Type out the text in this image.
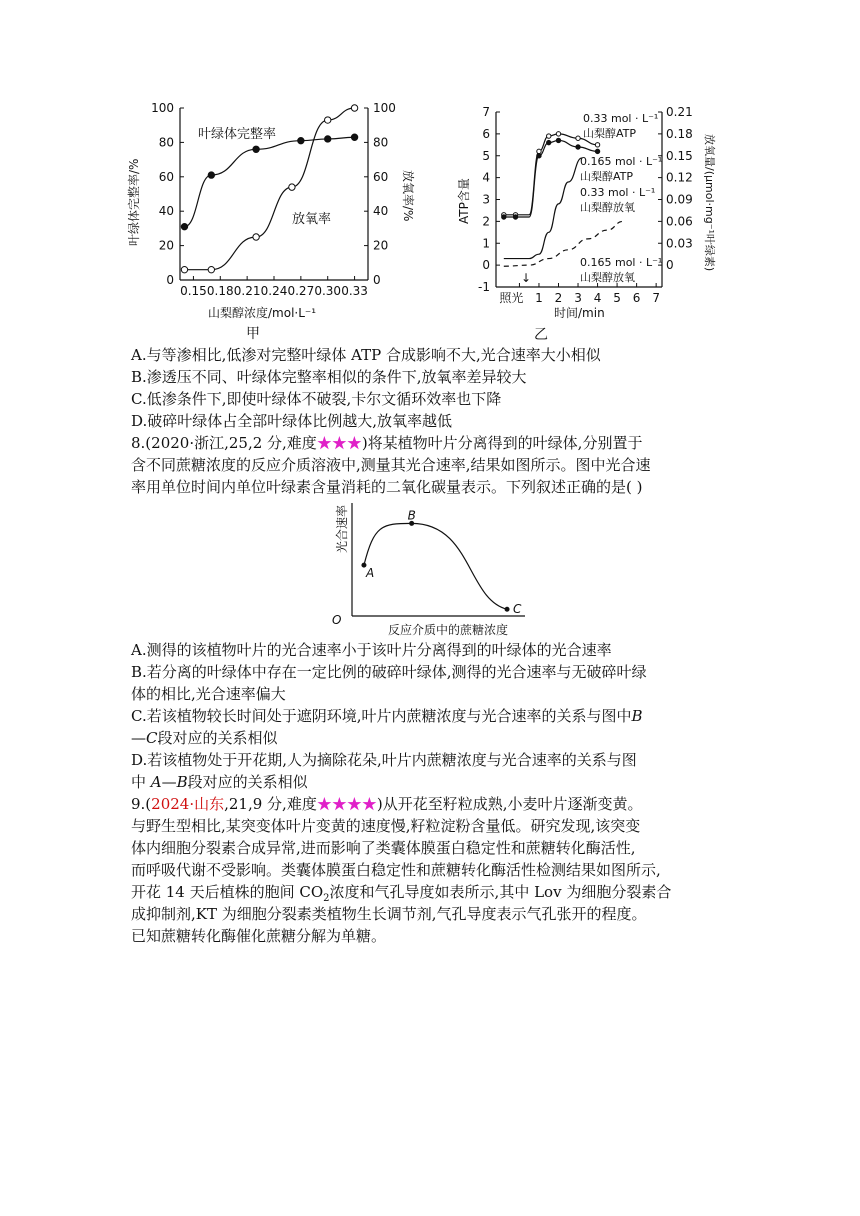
0.15 0.18 0.21 0.24 0.27 0.30 0.33
0
20
40
60
80
100
0
20
40
60
80
100
叶绿体完整率
放氧率
山梨醇浓度/mol·L⁻¹
叶绿体完整率/%	放氧率/%
甲
照光 1 2 3 4 5 6 7
-1
0
1
2
3
4
5
6
7
0
0.03
0.06
0.09
0.12
0.15
0.18
0.21
0.33 mol · L⁻¹
山梨醇ATP
0.165 mol · L⁻¹
山梨醇ATP
0.33 mol · L⁻¹
山梨醇放氧
0.165 mol · L⁻¹
山梨醇放氧
↓
时间/min
ATP含量	放氧量/(μmol·mg⁻¹叶绿素)
乙
A.与等渗相比,低渗对完整叶绿体 ATP 合成影响不大,光合速率大小相似
B.渗透压不同、叶绿体完整率相似的条件下,放氧率差异较大
C.低渗条件下,即使叶绿体不破裂,卡尔文循环效率也下降
D.破碎叶绿体占全部叶绿体比例越大,放氧率越低
8.(2020·浙江,25,2 分,难度★★★)将某植物叶片分离得到的叶绿体,分别置于
含不同蔗糖浓度的反应介质溶液中,测量其光合速率,结果如图所示。图中光合速
率用单位时间内单位叶绿素含量消耗的二氧化碳量表示。下列叙述正确的是( )
A
B
C
光合速率
反应介质中的蔗糖浓度
O
A.测得的该植物叶片的光合速率小于该叶片分离得到的叶绿体的光合速率
B.若分离的叶绿体中存在一定比例的破碎叶绿体,测得的光合速率与无破碎叶绿
体的相比,光合速率偏大
C.若该植物较长时间处于遮阴环境,叶片内蔗糖浓度与光合速率的关系与图中B
—C段对应的关系相似
D.若该植物处于开花期,人为摘除花朵,叶片内蔗糖浓度与光合速率的关系与图
中 A—B段对应的关系相似
9.(2024·山东,21,9 分,难度★★★★)从开花至籽粒成熟,小麦叶片逐渐变黄。
与野生型相比,某突变体叶片变黄的速度慢,籽粒淀粉含量低。研究发现,该突变
体内细胞分裂素合成异常,进而影响了类囊体膜蛋白稳定性和蔗糖转化酶活性,
而呼吸代谢不受影响。类囊体膜蛋白稳定性和蔗糖转化酶活性检测结果如图所示,
开花 14 天后植株的胞间 $CO_2$浓度和气孔导度如表所示,其中 Lov 为细胞分裂素合
成抑制剂,KT 为细胞分裂素类植物生长调节剂,气孔导度表示气孔张开的程度。
已知蔗糖转化酶催化蔗糖分解为单糖。
